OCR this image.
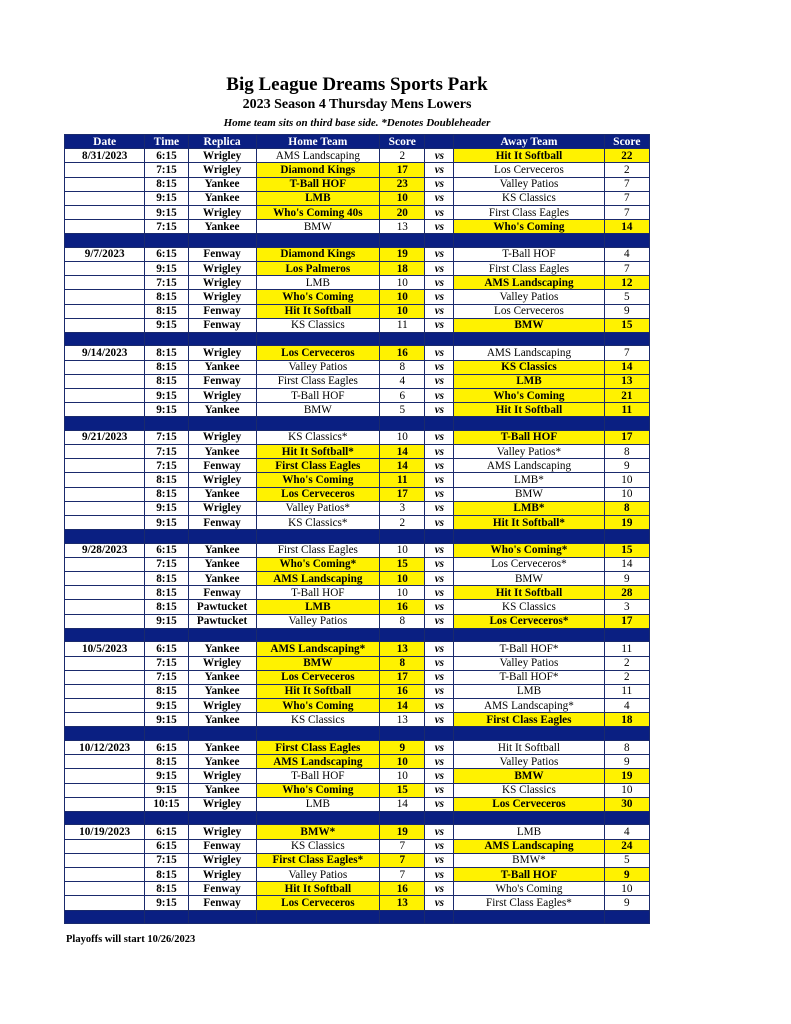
Big League Dreams Sports Park
2023 Season 4 Thursday Mens Lowers
Home team sits on third base side. *Denotes Doubleheader
Date	Time	Replica	Home Team	Score		Away Team	Score
8/31/2023	6:15	Wrigley	AMS Landscaping	2	vs	Hit It Softball	22
	7:15	Wrigley	Diamond Kings	17	vs	Los Cerveceros	2
	8:15	Yankee	T-Ball HOF	23	vs	Valley Patios	7
	9:15	Yankee	LMB	10	vs	KS Classics	7
	9:15	Wrigley	Who's Coming 40s	20	vs	First Class Eagles	7
	7:15	Yankee	BMW	13	vs	Who's Coming	14

9/7/2023	6:15	Fenway	Diamond Kings	19	vs	T-Ball HOF	4
	9:15	Wrigley	Los Palmeros	18	vs	First Class Eagles	7
	7:15	Wrigley	LMB	10	vs	AMS Landscaping	12
	8:15	Wrigley	Who's Coming	10	vs	Valley Patios	5
	8:15	Fenway	Hit It Softball	10	vs	Los Cerveceros	9
	9:15	Fenway	KS Classics	11	vs	BMW	15

9/14/2023	8:15	Wrigley	Los Cerveceros	16	vs	AMS Landscaping	7
	8:15	Yankee	Valley Patios	8	vs	KS Classics	14
	8:15	Fenway	First Class Eagles	4	vs	LMB	13
	9:15	Wrigley	T-Ball HOF	6	vs	Who's Coming	21
	9:15	Yankee	BMW	5	vs	Hit It Softball	11

9/21/2023	7:15	Wrigley	KS Classics*	10	vs	T-Ball HOF	17
	7:15	Yankee	Hit It Softball*	14	vs	Valley Patios*	8
	7:15	Fenway	First Class Eagles	14	vs	AMS Landscaping	9
	8:15	Wrigley	Who's Coming	11	vs	LMB*	10
	8:15	Yankee	Los Cerveceros	17	vs	BMW	10
	9:15	Wrigley	Valley Patios*	3	vs	LMB*	8
	9:15	Fenway	KS Classics*	2	vs	Hit It Softball*	19

9/28/2023	6:15	Yankee	First Class Eagles	10	vs	Who's Coming*	15
	7:15	Yankee	Who's Coming*	15	vs	Los Cerveceros*	14
	8:15	Yankee	AMS Landscaping	10	vs	BMW	9
	8:15	Fenway	T-Ball HOF	10	vs	Hit It Softball	28
	8:15	Pawtucket	LMB	16	vs	KS Classics	3
	9:15	Pawtucket	Valley Patios	8	vs	Los Cerveceros*	17

10/5/2023	6:15	Yankee	AMS Landscaping*	13	vs	T-Ball HOF*	11
	7:15	Wrigley	BMW	8	vs	Valley Patios	2
	7:15	Yankee	Los Cerveceros	17	vs	T-Ball HOF*	2
	8:15	Yankee	Hit It Softball	16	vs	LMB	11
	9:15	Wrigley	Who's Coming	14	vs	AMS Landscaping*	4
	9:15	Yankee	KS Classics	13	vs	First Class Eagles	18

10/12/2023	6:15	Yankee	First Class Eagles	9	vs	Hit It Softball	8
	8:15	Yankee	AMS Landscaping	10	vs	Valley Patios	9
	9:15	Wrigley	T-Ball HOF	10	vs	BMW	19
	9:15	Yankee	Who's Coming	15	vs	KS Classics	10
	10:15	Wrigley	LMB	14	vs	Los Cerveceros	30

10/19/2023	6:15	Wrigley	BMW*	19	vs	LMB	4
	6:15	Fenway	KS Classics	7	vs	AMS Landscaping	24
	7:15	Wrigley	First Class Eagles*	7	vs	BMW*	5
	8:15	Wrigley	Valley Patios	7	vs	T-Ball HOF	9
	8:15	Fenway	Hit It Softball	16	vs	Who's Coming	10
	9:15	Fenway	Los Cerveceros	13	vs	First Class Eagles*	9

Playoffs will start 10/26/2023
